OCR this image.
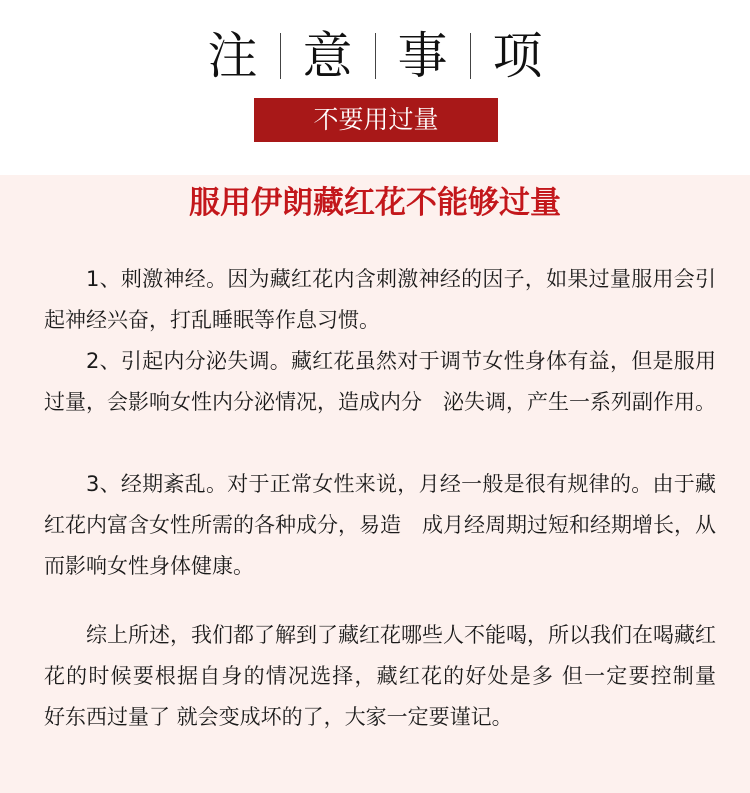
注 意 事 项
不要用过量
服用伊朗藏红花不能够过量

1、刺激神经。因为藏红花内含刺激神经的因子，如果过量服用会引起神经兴奋，打乱睡眠等作息习惯。

2、引起内分泌失调。藏红花虽然对于调节女性身体有益，但是服用过量，会影响女性内分泌情况，造成内分　泌失调，产生一系列副作用。

3、经期紊乱。对于正常女性来说，月经一般是很有规律的。由于藏红花内富含女性所需的各种成分，易造　成月经周期过短和经期增长，从而影响女性身体健康。

综上所述，我们都了解到了藏红花哪些人不能喝，所以我们在喝藏红花的时候要根据自身的情况选择，藏红花的好处是多 但一定要控制量　好东西过量了 就会变成坏的了，大家一定要谨记。
